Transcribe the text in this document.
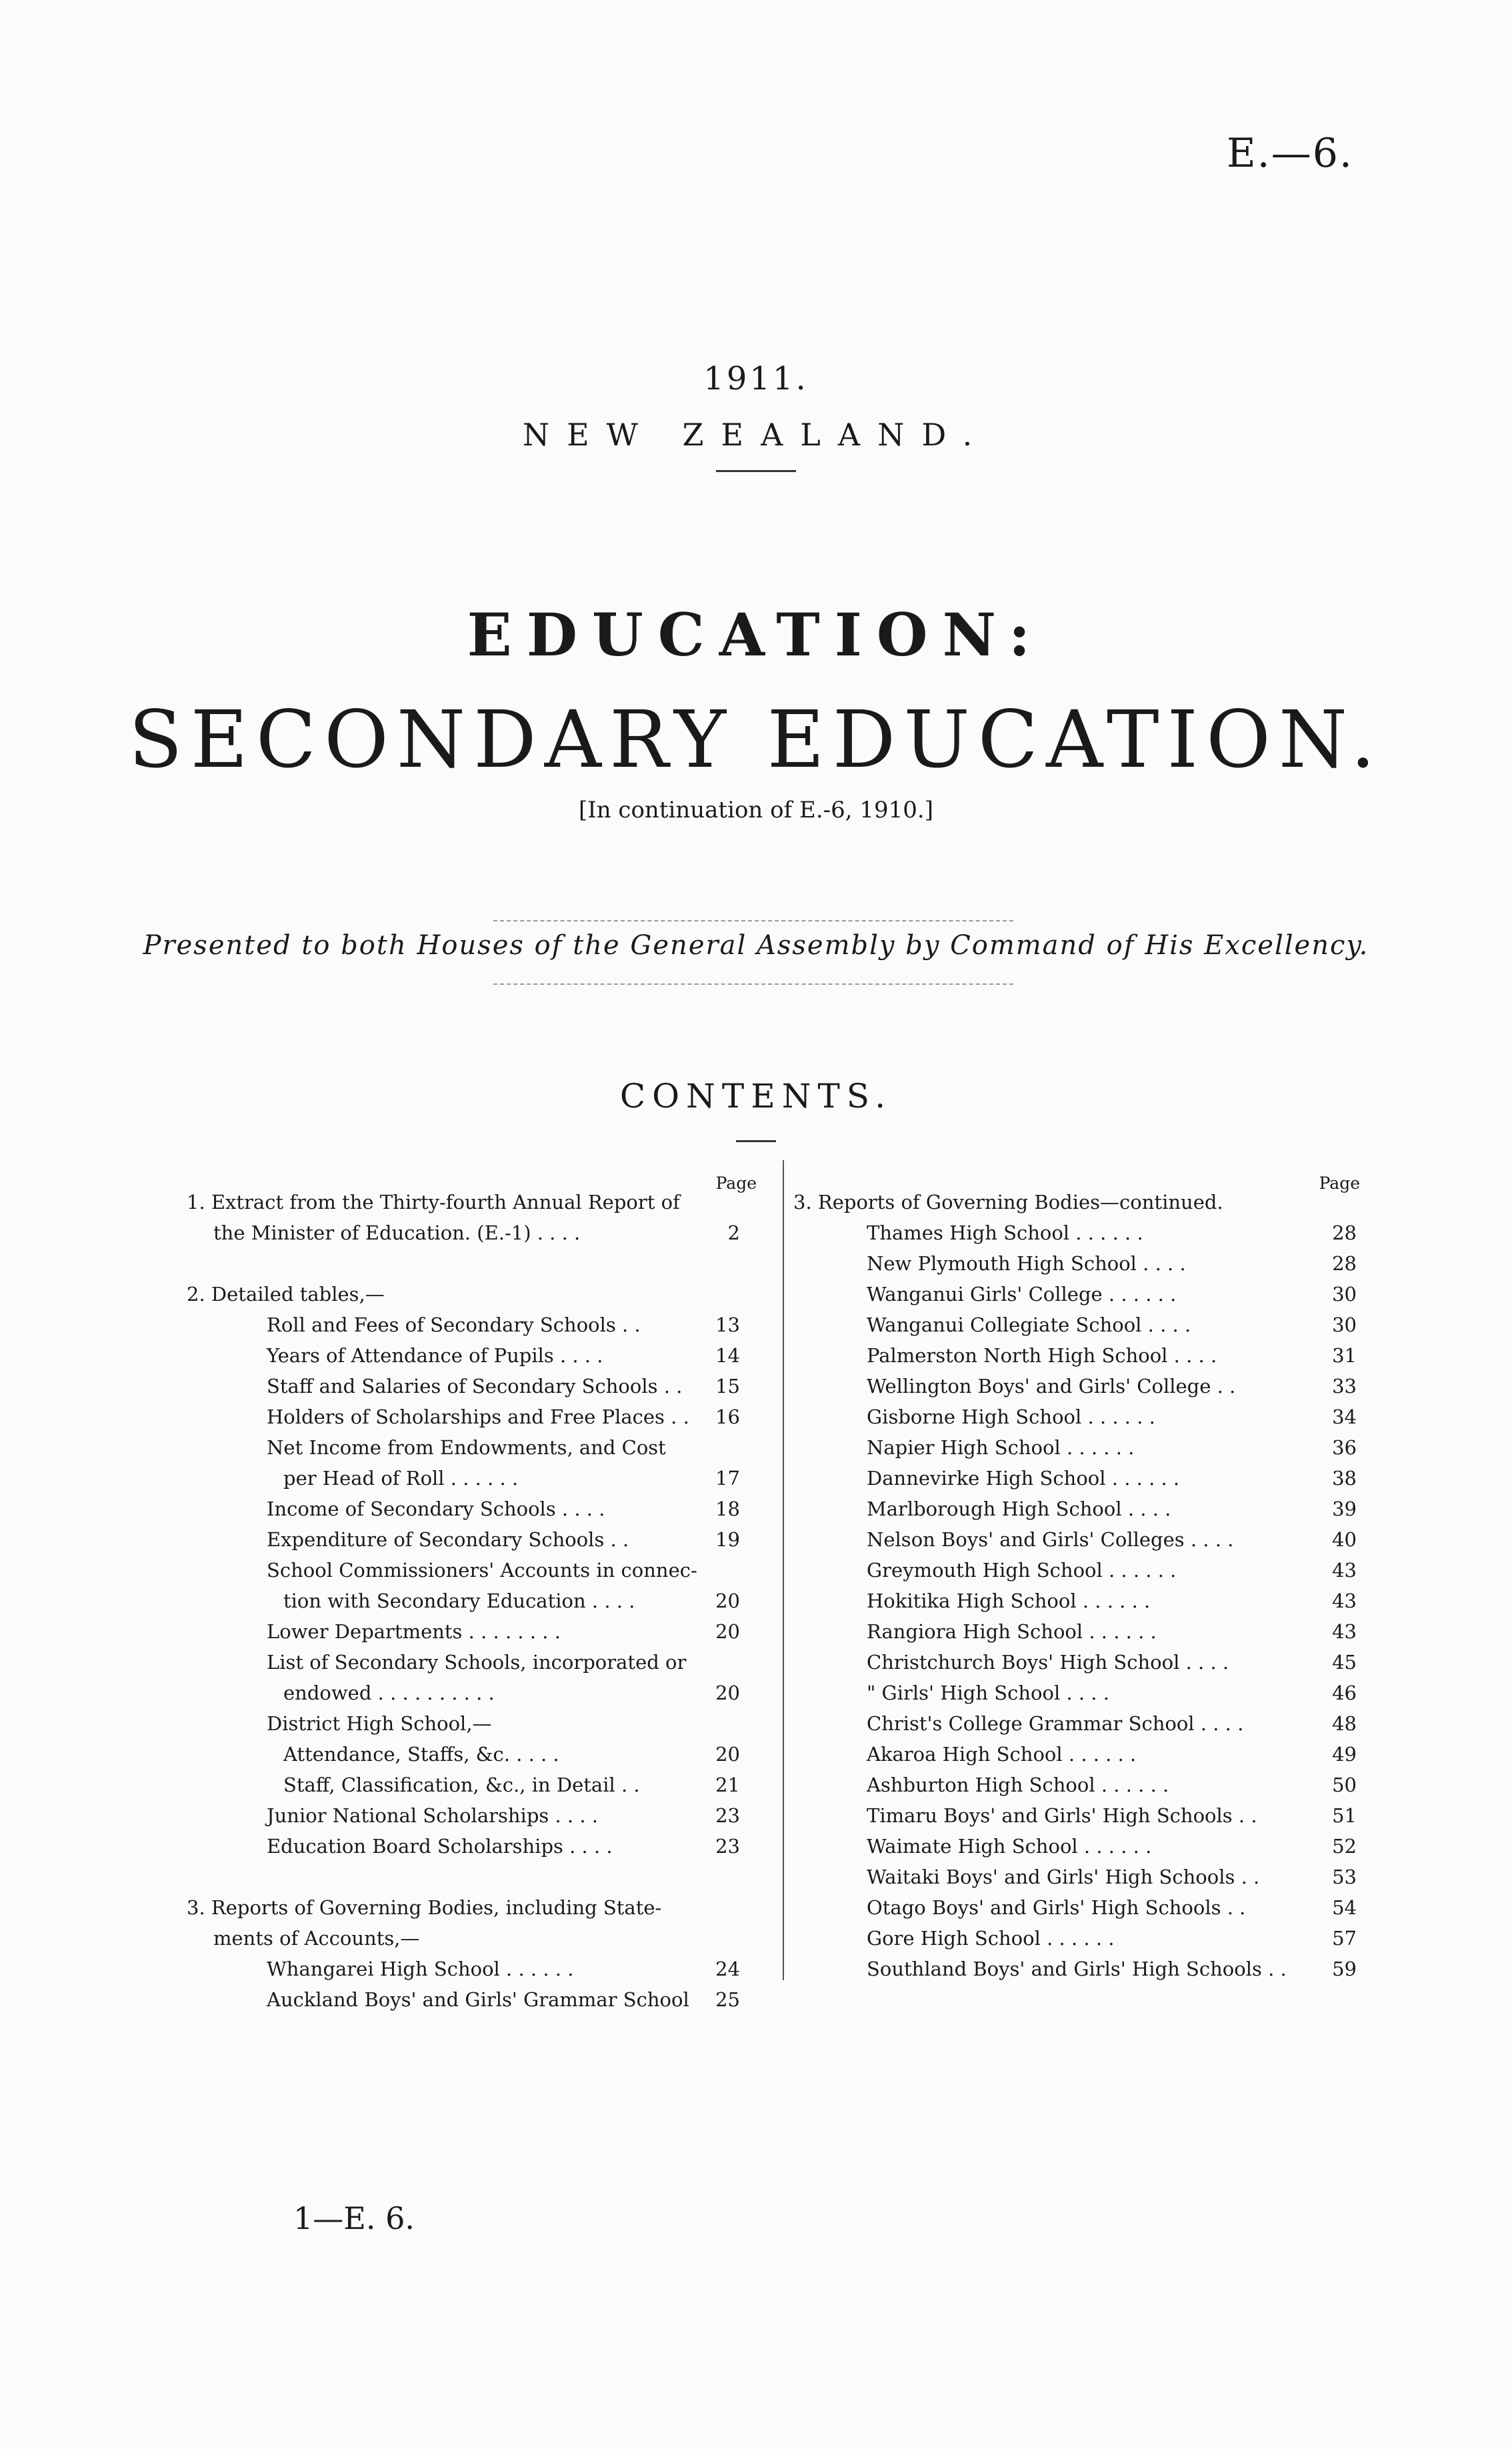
E.—6.
1911.
NEW ZEALAND.
EDUCATION:
SECONDARY EDUCATION.
[In continuation of E.-6, 1910.]
Presented to both Houses of the General Assembly by Command of His Excellency.
CONTENTS.
Page
1. Extract from the Thirty-fourth Annual Report of
the Minister of Education. (E.-1) . . . .	2
2. Detailed tables,—
Roll and Fees of Secondary Schools . .	13
Years of Attendance of Pupils . . . .	14
Staff and Salaries of Secondary Schools . . 15
Holders of Scholarships and Free Places . . 16
Net Income from Endowments, and Cost
per Head of Roll . . . . . .	17
Income of Secondary Schools . . . .	18
Expenditure of Secondary Schools . .	19
School Commissioners' Accounts in connec-
tion with Secondary Education . . . .	20
Lower Departments . . . . . . . .	20
List of Secondary Schools, incorporated or
endowed . . . . . . . . . .	20
District High School,—
Attendance, Staffs, &c. . . . .	20
Staff, Classification, &c., in Detail . .	21
Junior National Scholarships . . . .	23
Education Board Scholarships . . . .	23
3. Reports of Governing Bodies, including State-
ments of Accounts,—
Whangarei High School . . . . . .	24
Auckland Boys' and Girls' Grammar School 25
Page
3. Reports of Governing Bodies—continued.
Thames High School . . . . . .	28
New Plymouth High School . . . .	28
Wanganui Girls' College . . . . . .	30
Wanganui Collegiate School . . . .	30
Palmerston North High School . . . .	31
Wellington Boys' and Girls' College . .	33
Gisborne High School . . . . . .	34
Napier High School . . . . . .	36
Dannevirke High School . . . . . .	38
Marlborough High School . . . .	39
Nelson Boys' and Girls' Colleges . . . .	40
Greymouth High School . . . . . .	43
Hokitika High School . . . . . .	43
Rangiora High School . . . . . .	43
Christchurch Boys' High School . . . .	45
" Girls' High School . . . .	46
Christ's College Grammar School . . . .	48
Akaroa High School . . . . . .	49
Ashburton High School . . . . . .	50
Timaru Boys' and Girls' High Schools . .	51
Waimate High School . . . . . .	52
Waitaki Boys' and Girls' High Schools . .	53
Otago Boys' and Girls' High Schools . .	54
Gore High School . . . . . .	57
Southland Boys' and Girls' High Schools . . 59
1—E. 6.
